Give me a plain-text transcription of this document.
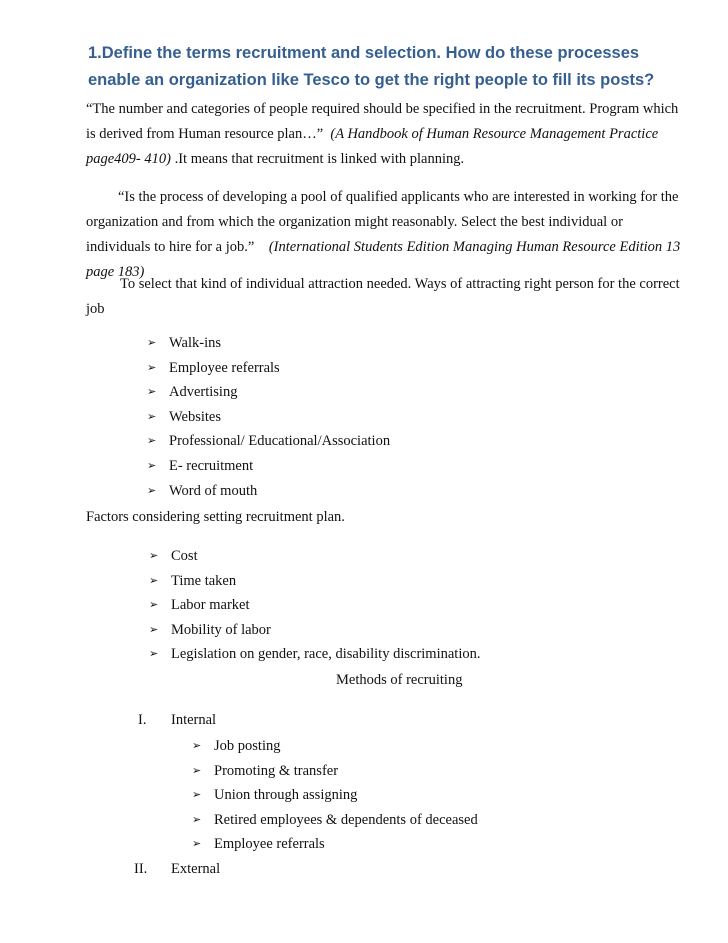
1.Define the terms recruitment and selection. How do these processes enable an organization like Tesco to get the right people to fill its posts?

“The number and categories of people required should be specified in the recruitment. Program which is derived from Human resource plan…” (A Handbook of Human Resource Management Practice page409- 410) .It means that recruitment is linked with planning.

“Is the process of developing a pool of qualified applicants who are interested in working for the organization and from which the organization might reasonably. Select the best individual or individuals to hire for a job.” (International Students Edition Managing Human Resource Edition 13 page 183)

To select that kind of individual attraction needed. Ways of attracting right person for the correct job

➢ Walk-ins
➢ Employee referrals
➢ Advertising
➢ Websites
➢ Professional/ Educational/Association
➢ E- recruitment
➢ Word of mouth

Factors considering setting recruitment plan.

➢ Cost
➢ Time taken
➢ Labor market
➢ Mobility of labor
➢ Legislation on gender, race, disability discrimination.

Methods of recruiting

I. Internal
➢ Job posting
➢ Promoting & transfer
➢ Union through assigning
➢ Retired employees & dependents of deceased
➢ Employee referrals
II. External
